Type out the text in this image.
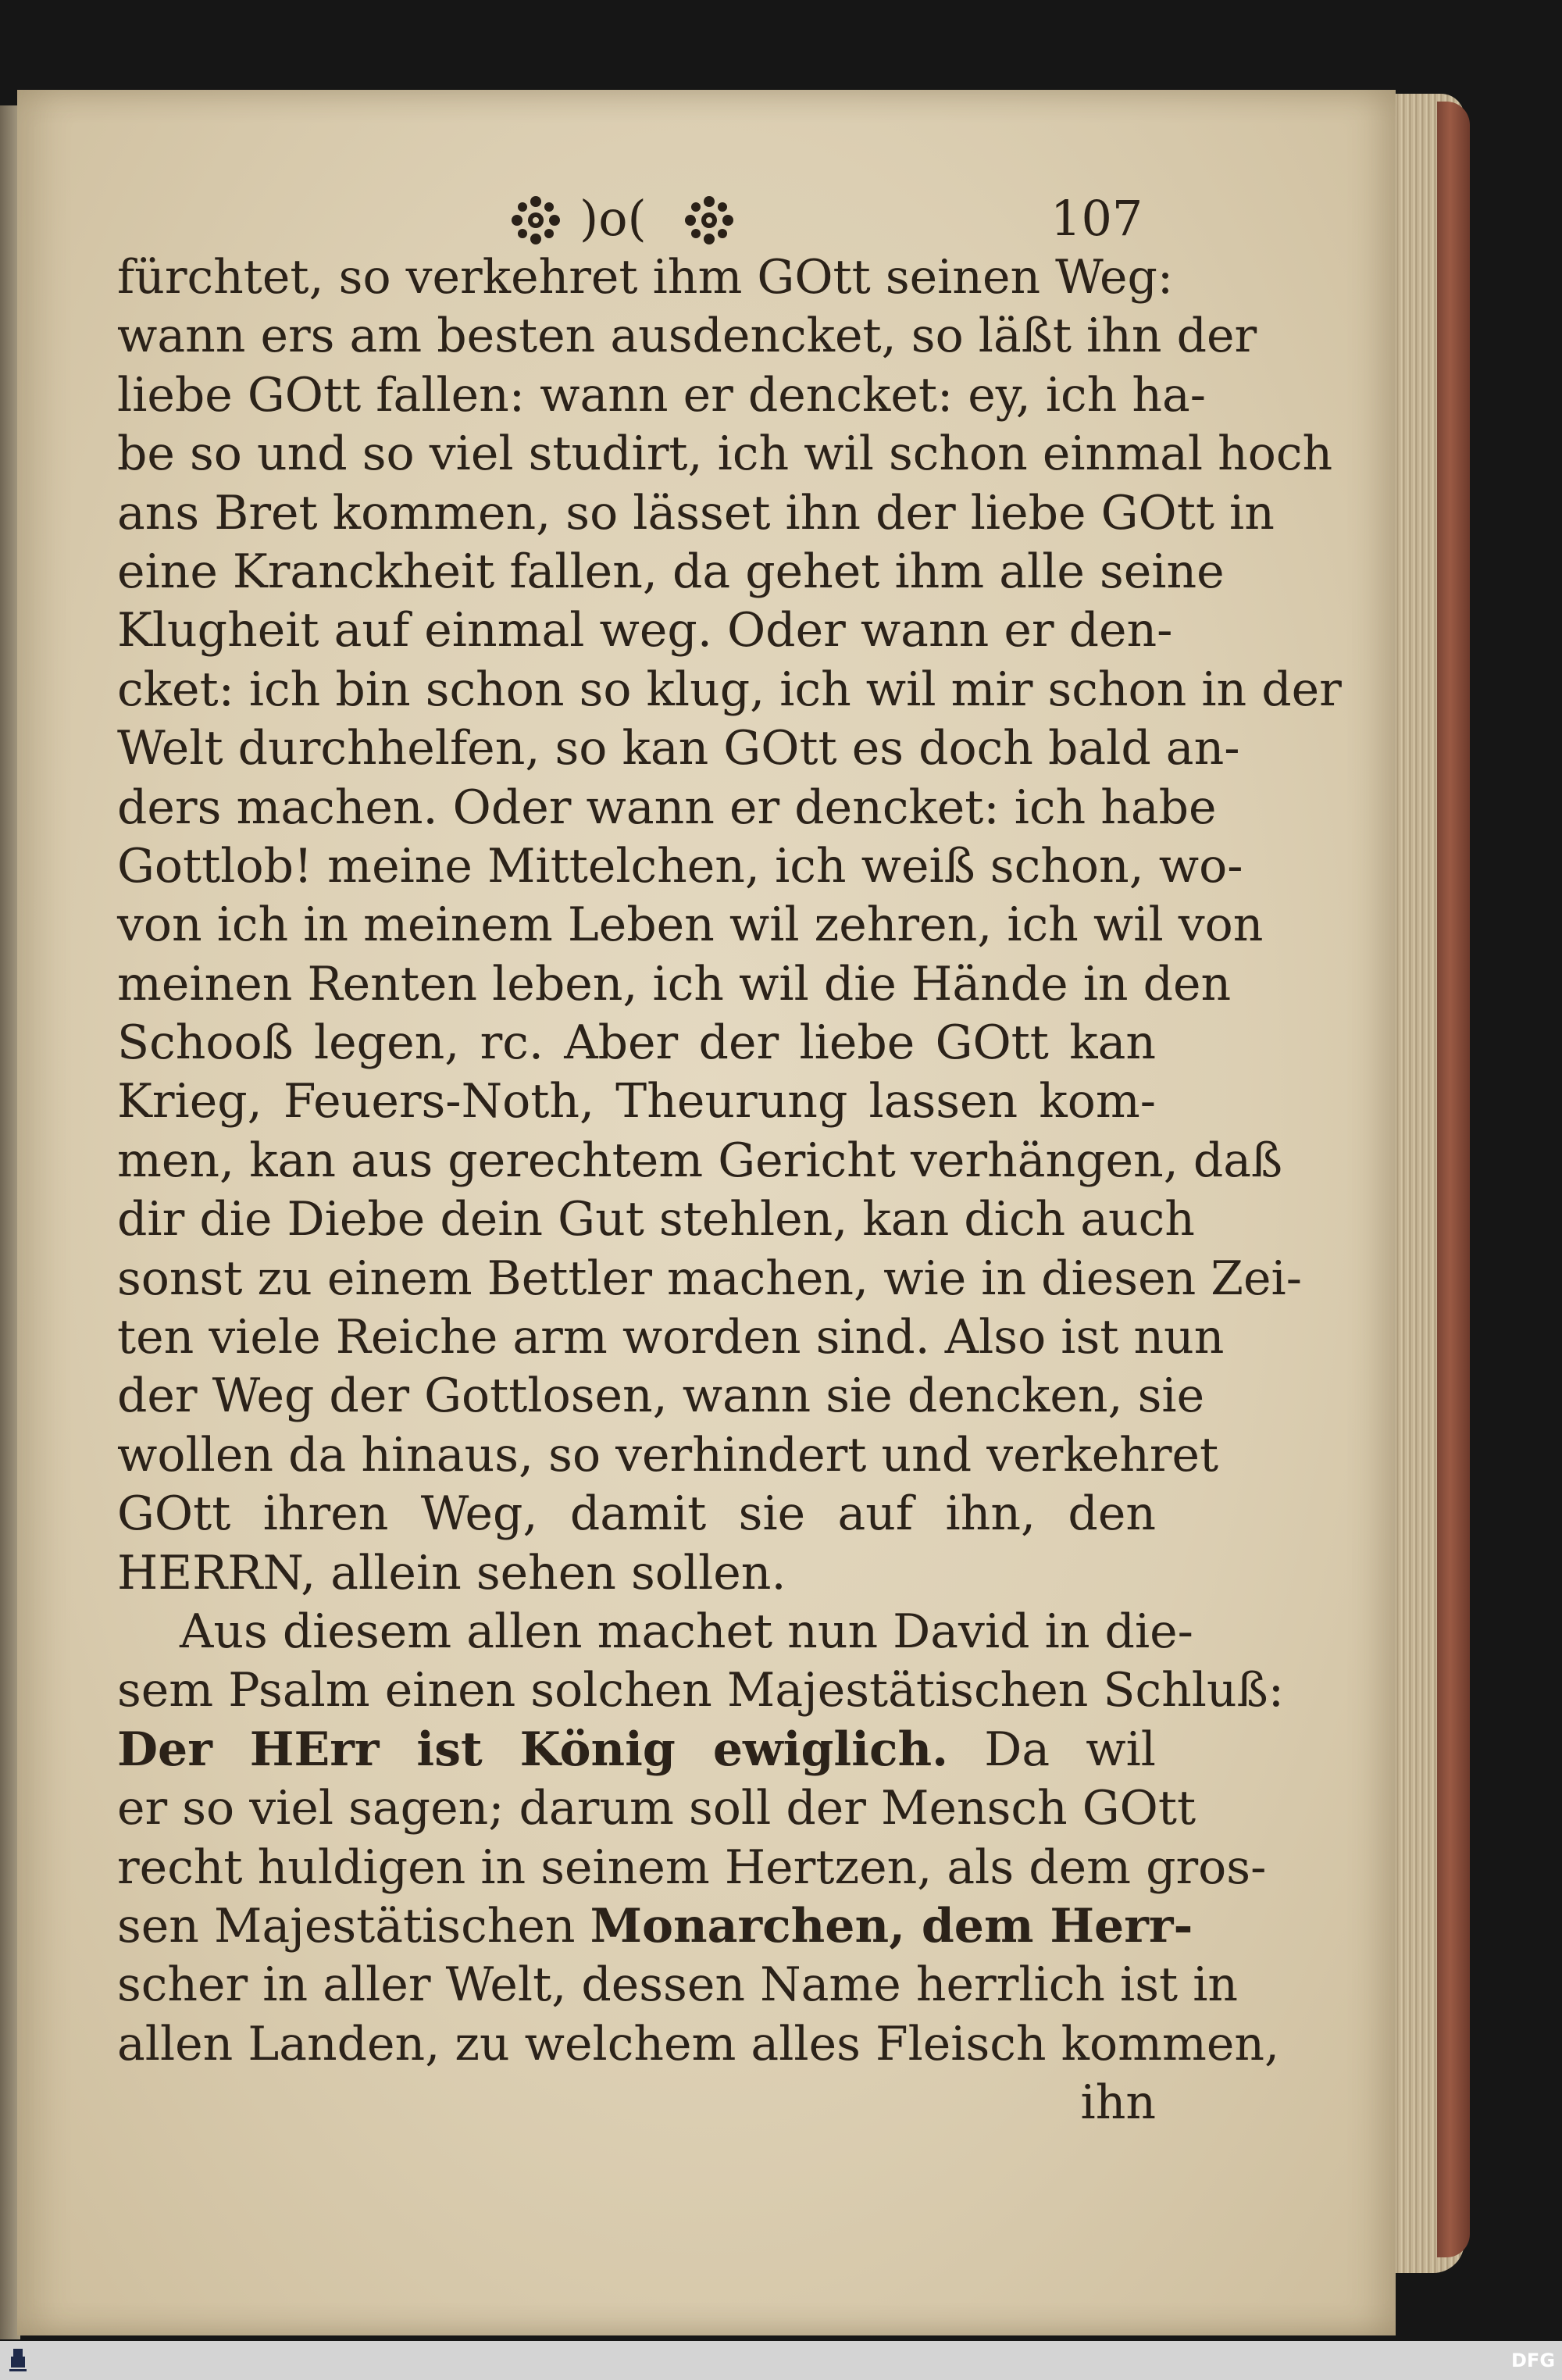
)o(	107
fürchtet, so verkehret ihm GOtt seinen Weg:
wann ers am besten ausdencket, so läßt ihn der
liebe GOtt fallen: wann er dencket: ey, ich ha-
be so und so viel studirt, ich wil schon einmal hoch
ans Bret kommen, so lässet ihn der liebe GOtt in
eine Kranckheit fallen, da gehet ihm alle seine
Klugheit auf einmal weg. Oder wann er den-
cket: ich bin schon so klug, ich wil mir schon in der
Welt durchhelfen, so kan GOtt es doch bald an-
ders machen. Oder wann er dencket: ich habe
Gottlob! meine Mittelchen, ich weiß schon, wo-
von ich in meinem Leben wil zehren, ich wil von
meinen Renten leben, ich wil die Hände in den
Schooß legen, rc. Aber der liebe GOtt kan
Krieg, Feuers-Noth, Theurung lassen kom-
men, kan aus gerechtem Gericht verhängen, daß
dir die Diebe dein Gut stehlen, kan dich auch
sonst zu einem Bettler machen, wie in diesen Zei-
ten viele Reiche arm worden sind. Also ist nun
der Weg der Gottlosen, wann sie dencken, sie
wollen da hinaus, so verhindert und verkehret
GOtt ihren Weg, damit sie auf ihn, den
HERRN, allein sehen sollen.
Aus diesem allen machet nun David in die-
sem Psalm einen solchen Majestätischen Schluß:
Der HErr ist König ewiglich. Da wil
er so viel sagen; darum soll der Mensch GOtt
recht huldigen in seinem Hertzen, als dem gros-
sen Majestätischen Monarchen, dem Herr-
scher in aller Welt, dessen Name herrlich ist in
allen Landen, zu welchem alles Fleisch kommen,
ihn
DFG
